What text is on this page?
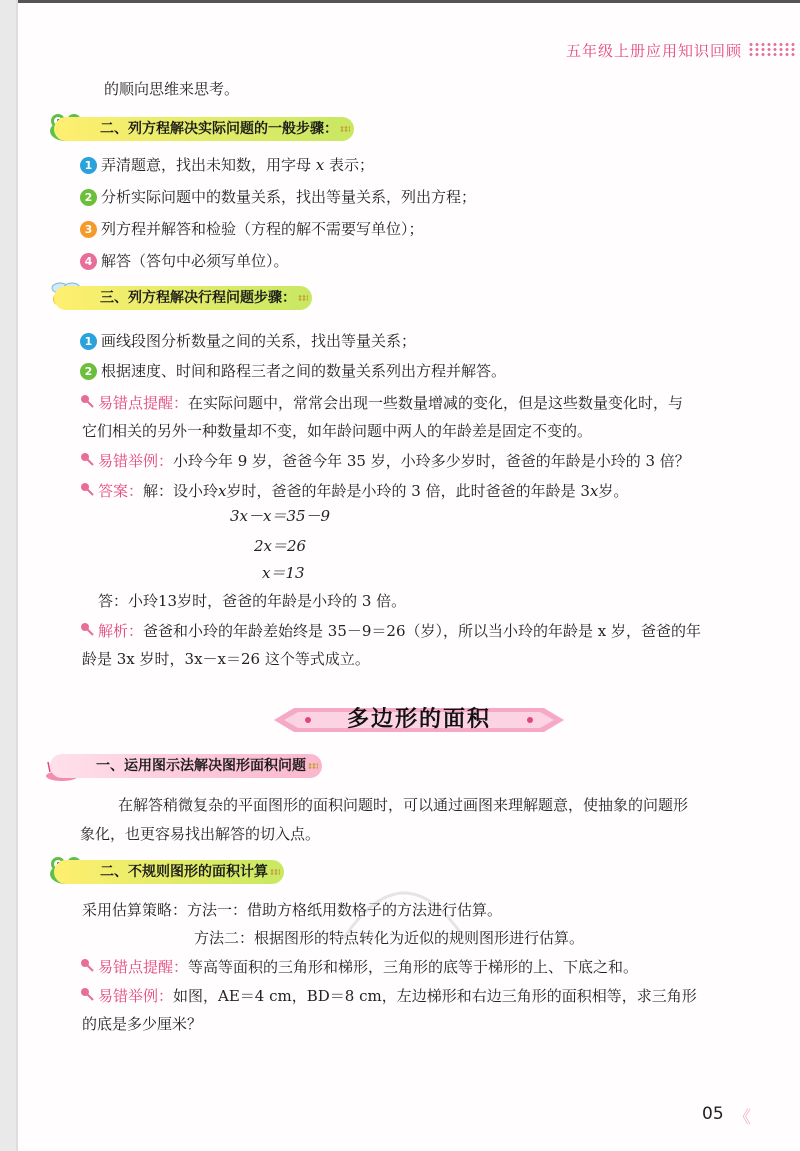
五年级上册应用知识回顾
的顺向思维来思考。
二、列方程解决实际问题的一般步骤：
1 弄清题意，找出未知数，用字母 x 表示；
2 分析实际问题中的数量关系，找出等量关系，列出方程；
3 列方程并解答和检验（方程的解不需要写单位）；
4 解答（答句中必须写单位）。
三、列方程解决行程问题步骤：
1 画线段图分析数量之间的关系，找出等量关系；
2 根据速度、时间和路程三者之间的数量关系列出方程并解答。
易错点提醒：在实际问题中，常常会出现一些数量增减的变化，但是这些数量变化时，与
它们相关的另外一种数量却不变，如年龄问题中两人的年龄差是固定不变的。
易错举例：小玲今年 9 岁，爸爸今年 35 岁，小玲多少岁时，爸爸的年龄是小玲的 3 倍？
答案：解：设小玲x岁时，爸爸的年龄是小玲的 3 倍，此时爸爸的年龄是 3x岁。
3x－x＝35－9
2x＝26
x＝13
答：小玲13岁时，爸爸的年龄是小玲的 3 倍。
解析：爸爸和小玲的年龄差始终是 35－9＝26（岁），所以当小玲的年龄是 x 岁，爸爸的年
龄是 3x 岁时，3x－x＝26 这个等式成立。
多边形的面积
一、运用图示法解决图形面积问题
在解答稍微复杂的平面图形的面积问题时，可以通过画图来理解题意，使抽象的问题形
象化，也更容易找出解答的切入点。
二、不规则图形的面积计算
采用估算策略：方法一：借助方格纸用数格子的方法进行估算。
方法二：根据图形的特点转化为近似的规则图形进行估算。
易错点提醒：等高等面积的三角形和梯形，三角形的底等于梯形的上、下底之和。
易错举例：如图，AE＝4 cm，BD＝8 cm，左边梯形和右边三角形的面积相等，求三角形
的底是多少厘米？
05 《
